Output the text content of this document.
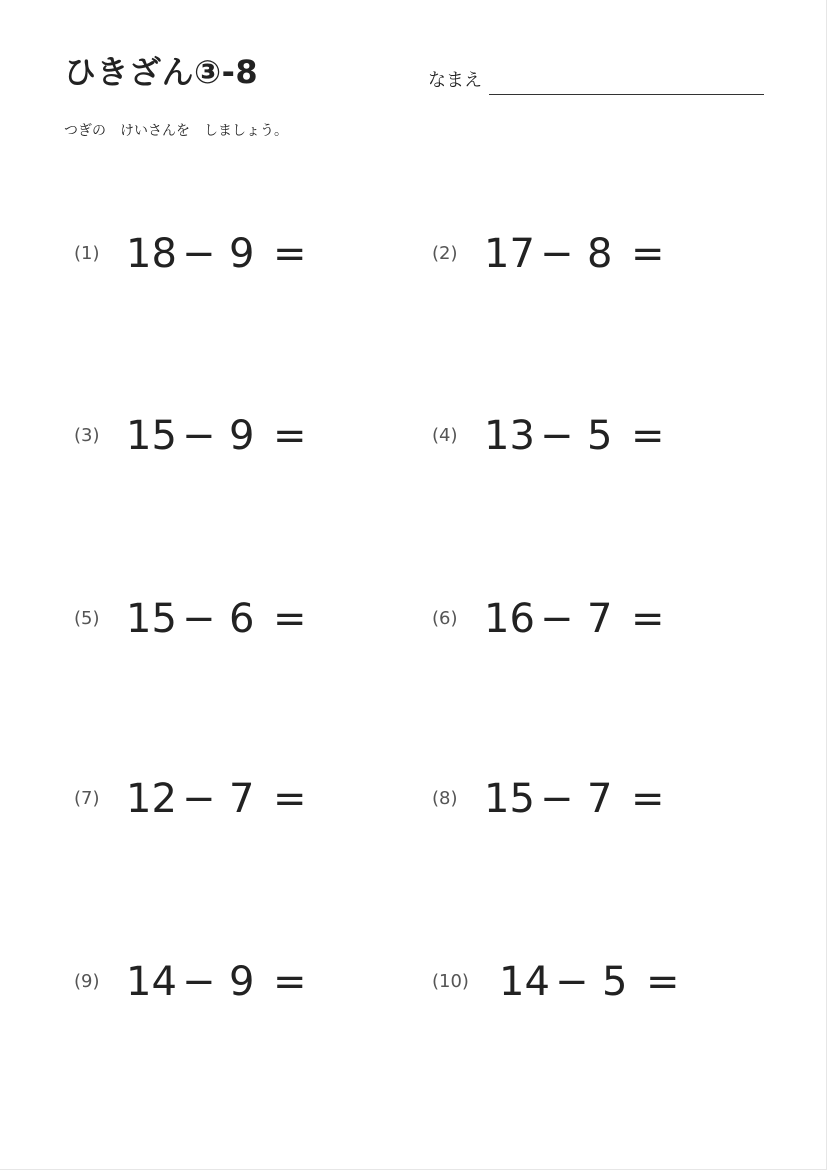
ひきざん③-8	なまえ
つぎの　けいさんを　しましょう。
(1) 18 − 9 =	(2) 17 − 8 =
(3) 15 − 9 =	(4) 13 − 5 =
(5) 15 − 6 =	(6) 16 − 7 =
(7) 12 − 7 =	(8) 15 − 7 =
(9) 14 − 9 =	(10) 14 − 5 =
